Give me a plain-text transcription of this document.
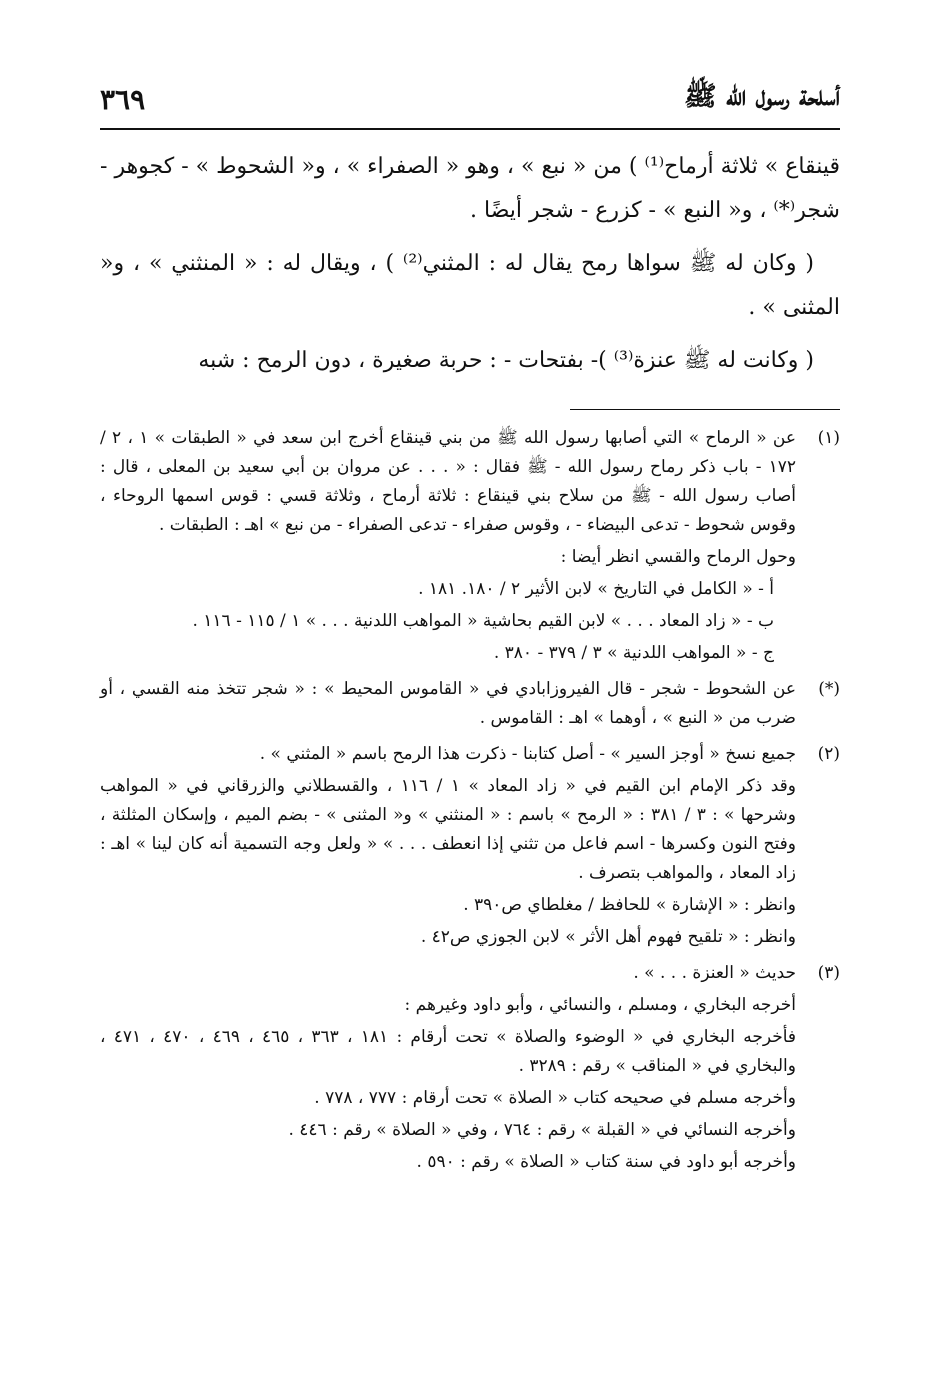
أسلحة رسول الله ﷺ
٣٦٩

قينقاع » ثلاثة أرماح⁽¹⁾ ) من « نبع » ، وهو « الصفراء » ، و« الشحوط » - كجوهر - شجر⁽*⁾ ، و« النبع » - كزرع - شجر أيضًا .

( وكان له ﷺ سواها رمح يقال له : المثني⁽²⁾ ) ، ويقال له : « المنثني » ، و« المثنى » .

( وكانت له ﷺ عنزة⁽³⁾ )- بفتحات - : حربة صغيرة ، دون الرمح : شبه

(١)

عن « الرماح » التي أصابها رسول الله ﷺ من بني قينقاع أخرج ابن سعد في « الطبقات » ١ ، ٢ / ١٧٢ - باب ذكر رماح رسول الله - ﷺ فقال : « . . . عن مروان بن أبي سعيد بن المعلى ، قال : أصاب رسول الله - ﷺ من سلاح بني قينقاع : ثلاثة أرماح ، وثلاثة قسي : قوس اسمها الروحاء ، وقوس شحوط - تدعى البيضاء - ، وقوس صفراء - تدعى الصفراء - من نبع » اهـ : الطبقات .

وحول الرماح والقسي انظر أيضا :

أ - « الكامل في التاريخ » لابن الأثير ٢ / ١٨٠. ١٨١ .

ب - « زاد المعاد . . . » لابن القيم بحاشية « المواهب اللدنية . . . » ١ / ١١٥ - ١١٦ .

ج - « المواهب اللدنية » ٣ / ٣٧٩ - ٣٨٠ .

(*)

عن الشحوط - شجر - قال الفيروزابادي في « القاموس المحيط » : « شجر تتخذ منه القسي ، أو ضرب من « النبع » ، أوهما » اهـ : القاموس .

(٢)

جميع نسخ « أوجز السير » - أصل كتابنا - ذكرت هذا الرمح باسم « المثني » .

وقد ذكر الإمام ابن القيم في « زاد المعاد » ١ / ١١٦ ، والقسطلاني والزرقاني في « المواهب وشرحها » : ٣ / ٣٨١ : « الرمح » باسم : « المنثني » و« المثنى » - بضم الميم ، وإسكان المثلثة ، وفتح النون وكسرها - اسم فاعل من تثني إذا انعطف . . . » « ولعل وجه التسمية أنه كان لينا » اهـ : زاد المعاد ، والمواهب بتصرف .

وانظر : « الإشارة » للحافظ / مغلطاي ص٣٩٠ .

وانظر : « تلقيح فهوم أهل الأثر » لابن الجوزي ص٤٢ .

(٣)

حديث « العنزة . . . » .

أخرجه البخاري ، ومسلم ، والنسائي ، وأبو داود وغيرهم :

فأخرجه البخاري في « الوضوء والصلاة » تحت أرقام : ١٨١ ، ٣٦٣ ، ٤٦٥ ، ٤٦٩ ، ٤٧٠ ، ٤٧١ ، والبخاري في « المناقب » رقم : ٣٢٨٩ .

وأخرجه مسلم في صحيحه كتاب « الصلاة » تحت أرقام : ٧٧٧ ، ٧٧٨ .

وأخرجه النسائي في « القبلة » رقم : ٧٦٤ ، وفي « الصلاة » رقم : ٤٤٦ .

وأخرجه أبو داود في سنة كتاب « الصلاة » رقم : ٥٩٠ .
